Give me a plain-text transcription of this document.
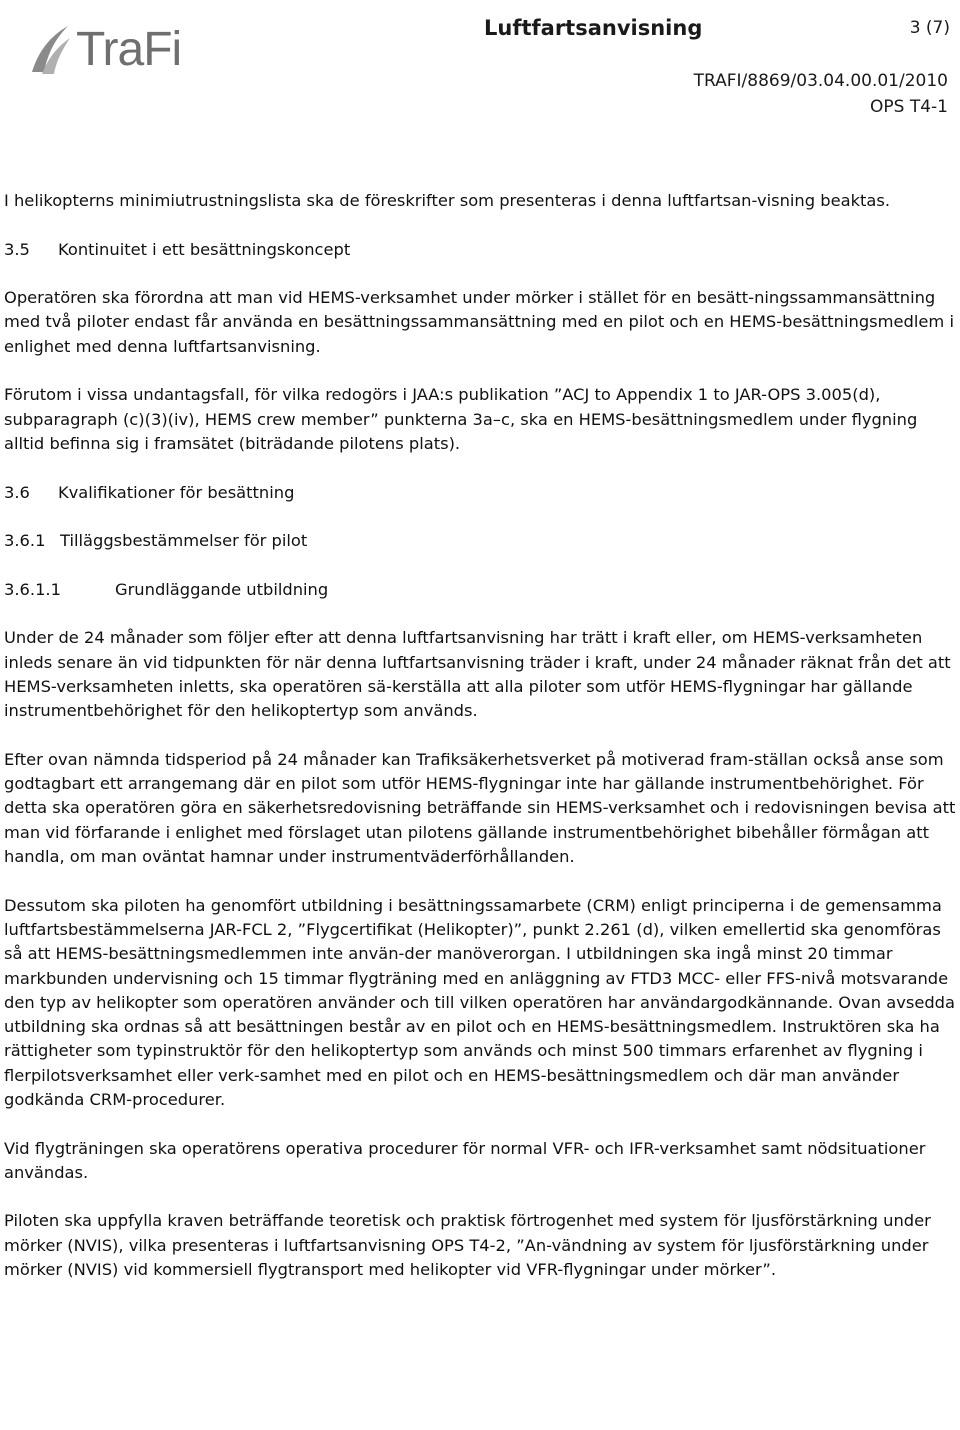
TraFi	Luftfartsanvisning	3 (7)
TRAFI/8869/03.04.00.01/2010
OPS T4-1

I helikopterns minimiutrustningslista ska de föreskrifter som presenteras i denna luftfartsan-visning beaktas.

3.5 Kontinuitet i ett besättningskoncept

Operatören ska förordna att man vid HEMS-verksamhet under mörker i stället för en besätt-ningssammansättning med två piloter endast får använda en besättningssammansättning med en pilot och en HEMS-besättningsmedlem i enlighet med denna luftfartsanvisning.

Förutom i vissa undantagsfall, för vilka redogörs i JAA:s publikation ”ACJ to Appendix 1 to JAR-OPS 3.005(d), subparagraph (c)(3)(iv), HEMS crew member” punkterna 3a–c, ska en HEMS-besättningsmedlem under flygning alltid befinna sig i framsätet (biträdande pilotens plats).

3.6 Kvalifikationer för besättning
3.6.1 Tilläggsbestämmelser för pilot
3.6.1.1	Grundläggande utbildning

Under de 24 månader som följer efter att denna luftfartsanvisning har trätt i kraft eller, om HEMS-verksamheten inleds senare än vid tidpunkten för när denna luftfartsanvisning träder i kraft, under 24 månader räknat från det att HEMS-verksamheten inletts, ska operatören sä-kerställa att alla piloter som utför HEMS-flygningar har gällande instrumentbehörighet för den helikoptertyp som används.

Efter ovan nämnda tidsperiod på 24 månader kan Trafiksäkerhetsverket på motiverad fram-ställan också anse som godtagbart ett arrangemang där en pilot som utför HEMS-flygningar inte har gällande instrumentbehörighet. För detta ska operatören göra en säkerhetsredovisning beträffande sin HEMS-verksamhet och i redovisningen bevisa att man vid förfarande i enlighet med förslaget utan pilotens gällande instrumentbehörighet bibehåller förmågan att handla, om man oväntat hamnar under instrumentväderförhållanden.

Dessutom ska piloten ha genomfört utbildning i besättningssamarbete (CRM) enligt principerna i de gemensamma luftfartsbestämmelserna JAR-FCL 2, ”Flygcertifikat (Helikopter)”, punkt 2.261 (d), vilken emellertid ska genomföras så att HEMS-besättningsmedlemmen inte använ-der manöverorgan. I utbildningen ska ingå minst 20 timmar markbunden undervisning och 15 timmar flygträning med en anläggning av FTD3 MCC- eller FFS-nivå motsvarande den typ av helikopter som operatören använder och till vilken operatören har användargodkännande. Ovan avsedda utbildning ska ordnas så att besättningen består av en pilot och en HEMS-besättningsmedlem. Instruktören ska ha rättigheter som typinstruktör för den helikoptertyp som används och minst 500 timmars erfarenhet av flygning i flerpilotsverksamhet eller verk-samhet med en pilot och en HEMS-besättningsmedlem och där man använder godkända CRM-procedurer.

Vid flygträningen ska operatörens operativa procedurer för normal VFR- och IFR-verksamhet samt nödsituationer användas.

Piloten ska uppfylla kraven beträffande teoretisk och praktisk förtrogenhet med system för ljusförstärkning under mörker (NVIS), vilka presenteras i luftfartsanvisning OPS T4-2, ”An-vändning av system för ljusförstärkning under mörker (NVIS) vid kommersiell flygtransport med helikopter vid VFR-flygningar under mörker”.
